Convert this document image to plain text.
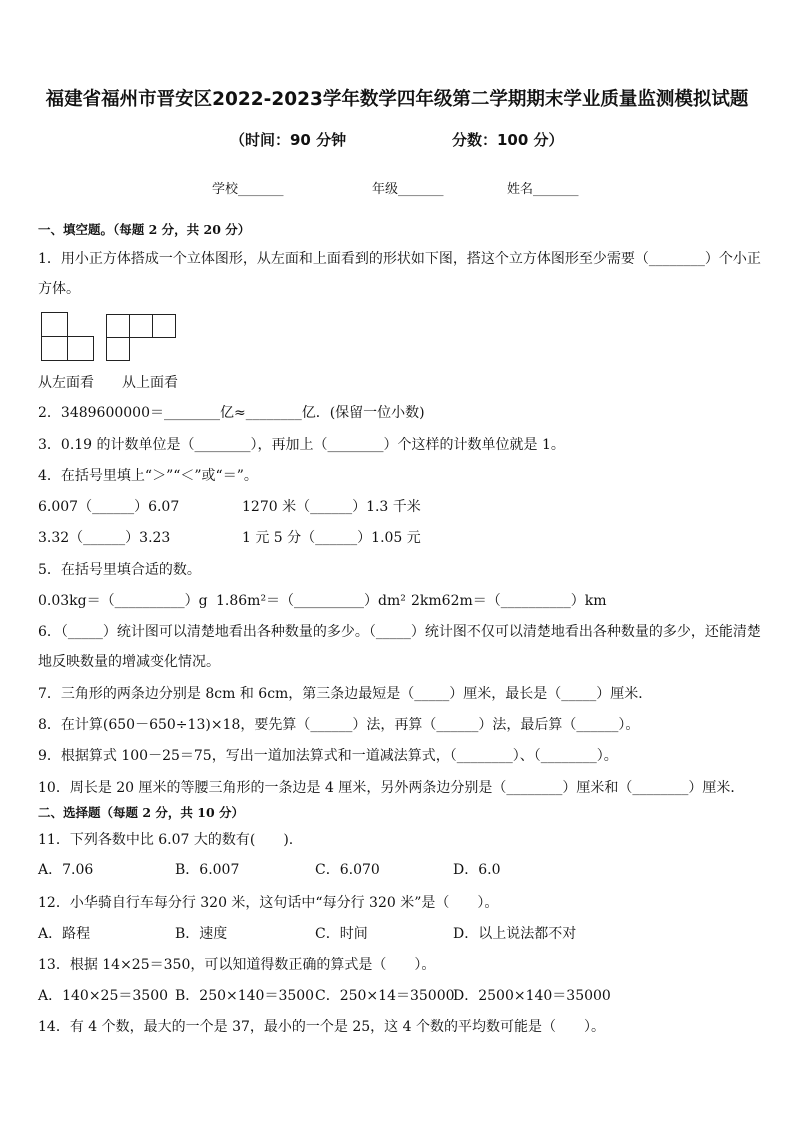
福建省福州市晋安区2022-2023学年数学四年级第二学期期末学业质量监测模拟试题
（时间：90 分钟	分数：100 分）
学校_______	年级_______	姓名_______
一、填空题。（每题 2 分，共 20 分）
1．用小正方体搭成一个立体图形，从左面和上面看到的形状如下图，搭这个立方体图形至少需要（________）个小正
方体。
从左面看 从上面看
2．3489600000＝________亿≈________亿．(保留一位小数)
3．0.19 的计数单位是（________），再加上（________）个这样的计数单位就是 1。
4．在括号里填上“＞”“＜”或“＝”。
6.007（______）6.07	1270 米（______）1.3 千米
3.32（______）3.23	1 元 5 分（______）1.05 元
5．在括号里填合适的数。
0.03kg＝（__________）g 1.86m²＝（__________）dm² 2km62m＝（__________）km
6．（_____）统计图可以清楚地看出各种数量的多少。（_____）统计图不仅可以清楚地看出各种数量的多少，还能清楚
地反映数量的增减变化情况。
7．三角形的两条边分别是 8cm 和 6cm，第三条边最短是（_____）厘米，最长是（_____）厘米．
8．在计算(650－650÷13)×18，要先算（______）法，再算（______）法，最后算（______）。
9．根据算式 100－25＝75，写出一道加法算式和一道减法算式，（________）、（________）。
10．周长是 20 厘米的等腰三角形的一条边是 4 厘米，另外两条边分别是（________）厘米和（________）厘米．
二、选择题（每题 2 分，共 10 分）
11．下列各数中比 6.07 大的数有(　　).
A．7.06	B．6.007	C．6.070	D．6.0
12．小华骑自行车每分行 320 米，这句话中“每分行 320 米”是（　　）。
A．路程	B．速度	C．时间	D．以上说法都不对
13．根据 14×25＝350，可以知道得数正确的算式是（　　）。
A．140×25＝3500 B．250×140＝3500 C．250×14＝35000
D．2500×140＝35000
14．有 4 个数，最大的一个是 37，最小的一个是 25，这 4 个数的平均数可能是（　　）。
